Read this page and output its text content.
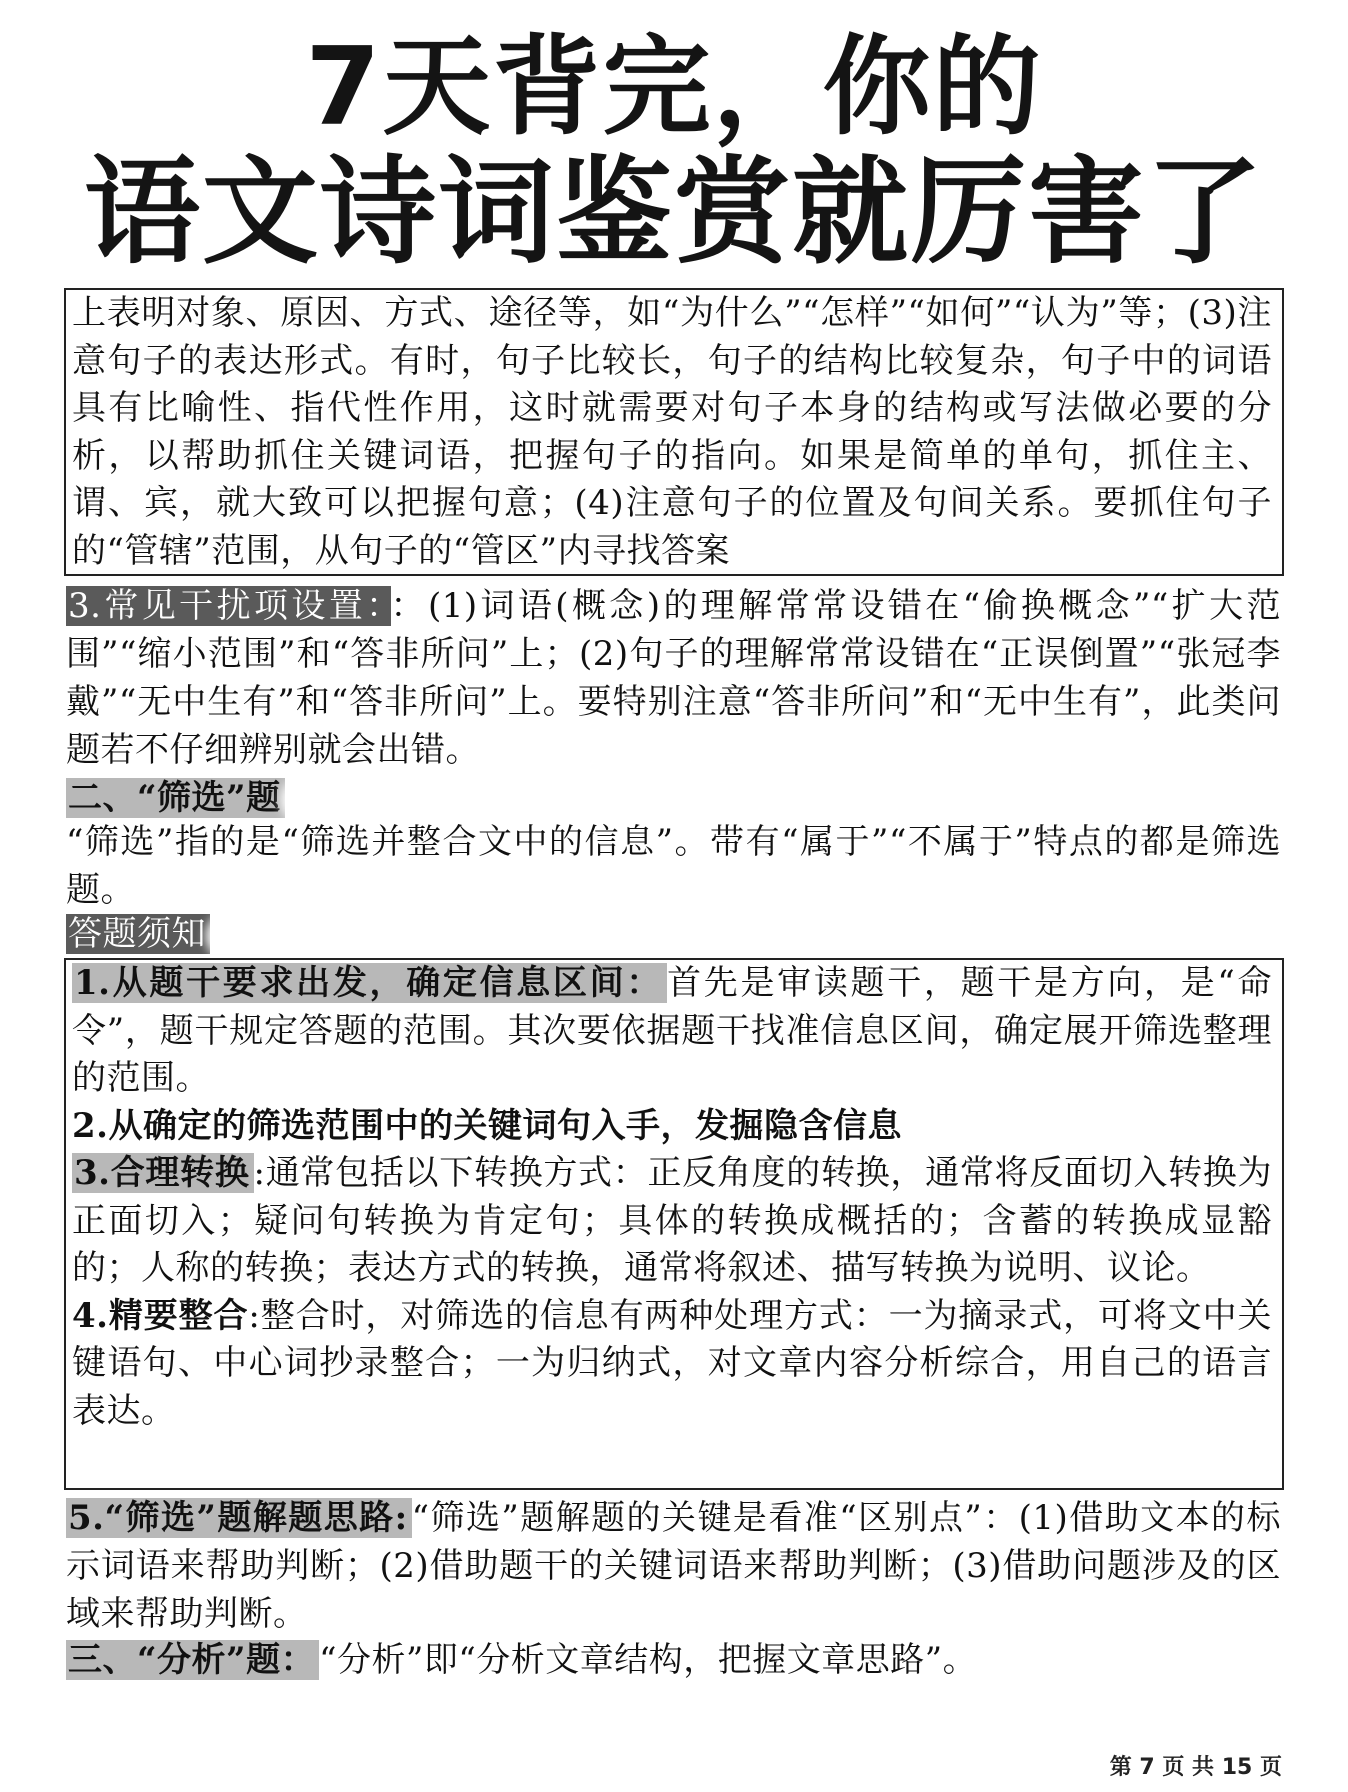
7天背完，你的
语文诗词鉴赏就厉害了

上表明对象、原因、方式、途径等，如“为什么”“怎样”“如何”“认为”等；(3)注意句子的表达形式。有时，句子比较长，句子的结构比较复杂，句子中的词语具有比喻性、指代性作用，这时就需要对句子本身的结构或写法做必要的分析，以帮助抓住关键词语，把握句子的指向。如果是简单的单句，抓住主、谓、宾，就大致可以把握句意；(4)注意句子的位置及句间关系。要抓住句子的“管辖”范围，从句子的“管区”内寻找答案

3.常见干扰项设置： ：(1)词语(概念)的理解常常设错在“偷换概念”“扩大范围”“缩小范围”和“答非所问”上；(2)句子的理解常常设错在“正误倒置”“张冠李戴”“无中生有”和“答非所问”上。要特别注意“答非所问”和“无中生有”，此类问题若不仔细辨别就会出错。

二、“筛选”题

“筛选”指的是“筛选并整合文中的信息”。带有“属于”“不属于”特点的都是筛选题。

答题须知

1.从题干要求出发，确定信息区间： 首先是审读题干，题干是方向，是“命令”，题干规定答题的范围。其次要依据题干找准信息区间，确定展开筛选整理的范围。

2.从确定的筛选范围中的关键词句入手，发掘隐含信息

3.合理转换 :通常包括以下转换方式：正反角度的转换，通常将反面切入转换为正面切入；疑问句转换为肯定句；具体的转换成概括的；含蓄的转换成显豁的；人称的转换；表达方式的转换，通常将叙述、描写转换为说明、议论。

4.精要整合:整合时，对筛选的信息有两种处理方式：一为摘录式，可将文中关键语句、中心词抄录整合；一为归纳式，对文章内容分析综合，用自己的语言表达。

5.“筛选”题解题思路: “筛选”题解题的关键是看准“区别点”：(1)借助文本的标示词语来帮助判断；(2)借助题干的关键词语来帮助判断；(3)借助问题涉及的区域来帮助判断。

三、“分析”题： “分析”即“分析文章结构，把握文章思路”。

第 7 页 共 15 页
